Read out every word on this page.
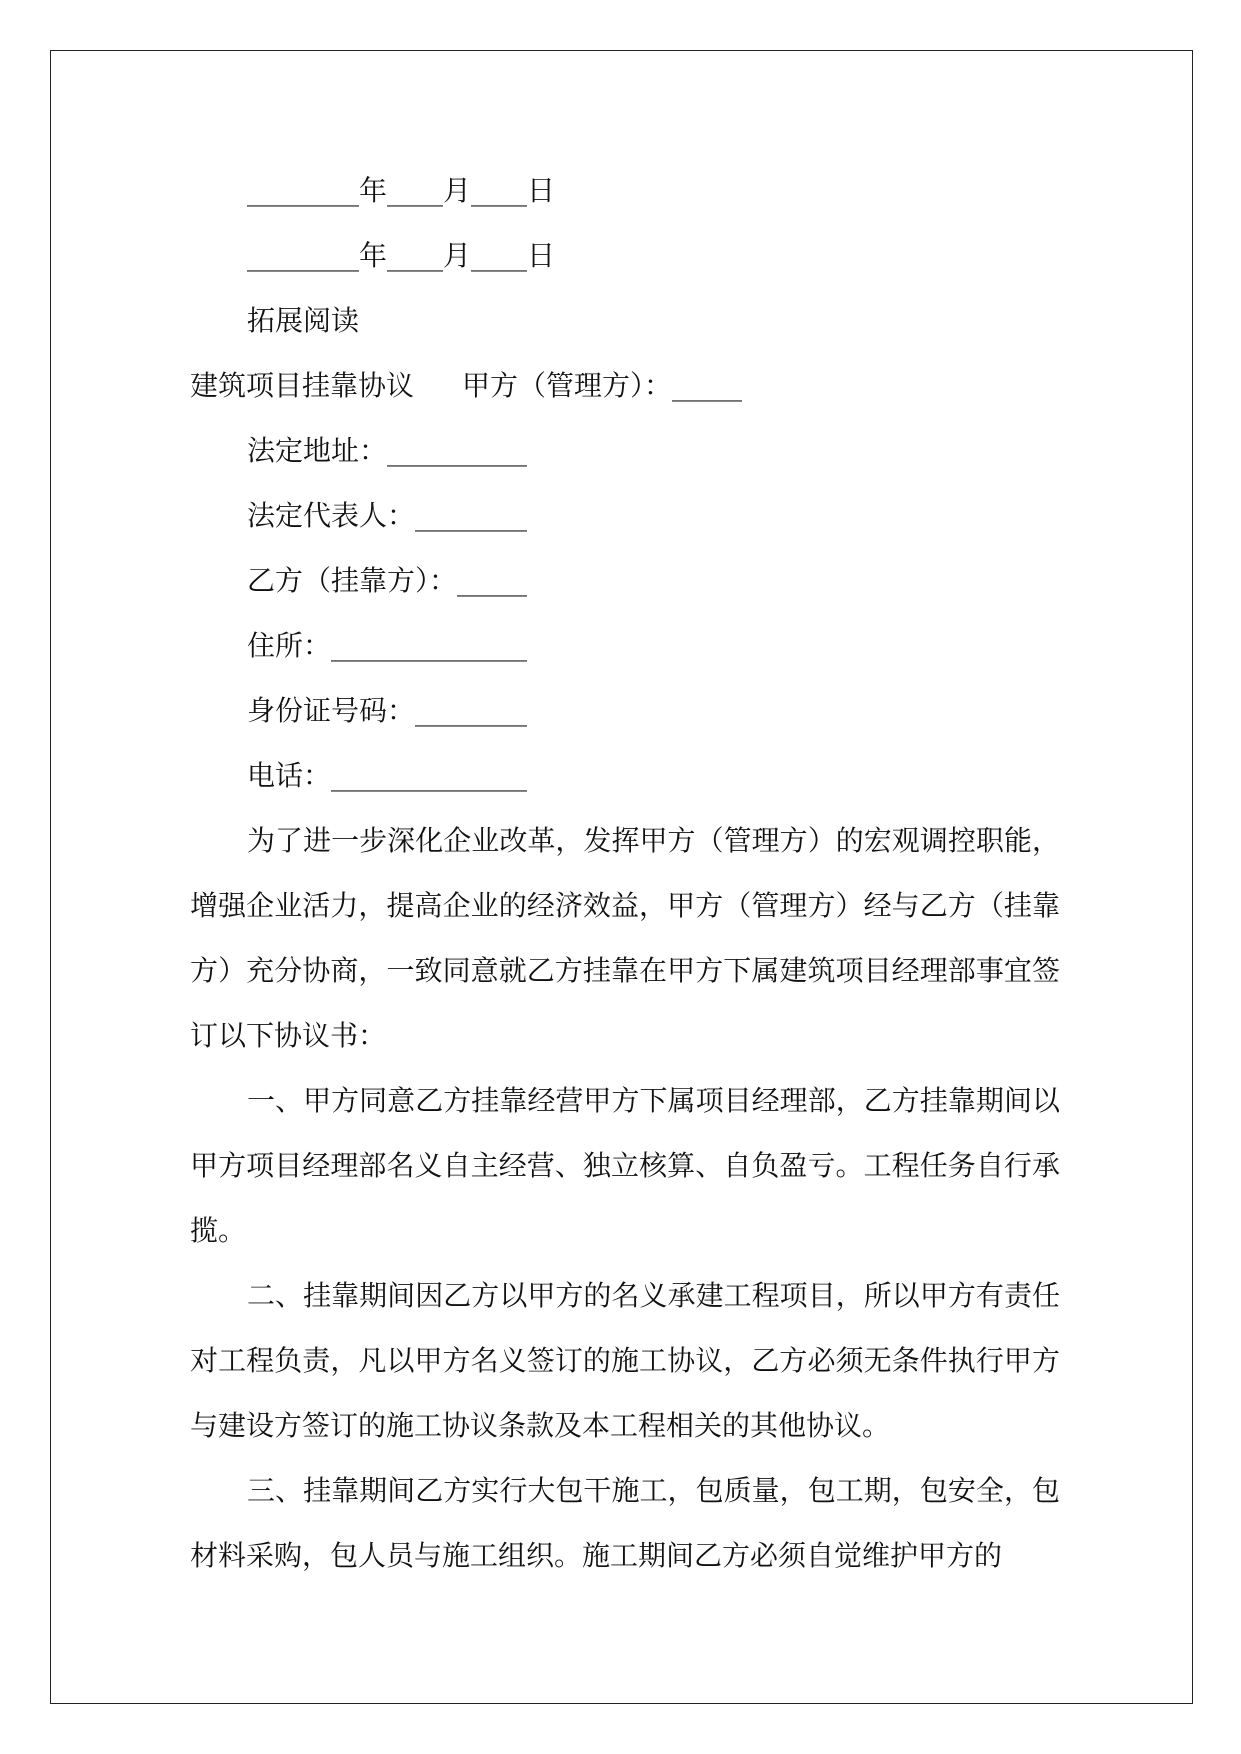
________年____月____日
________年____月____日
拓展阅读
建筑项目挂靠协议 甲方（管理方）：_____
法定地址：__________
法定代表人：________
乙方（挂靠方）：_____
住所：______________
身份证号码：________
电话：______________

为了进一步深化企业改革，发挥甲方（管理方）的宏观调控职能，增强企业活力，提高企业的经济效益，甲方（管理方）经与乙方（挂靠方）充分协商，一致同意就乙方挂靠在甲方下属建筑项目经理部事宜签订以下协议书：

一、甲方同意乙方挂靠经营甲方下属项目经理部，乙方挂靠期间以甲方项目经理部名义自主经营、独立核算、自负盈亏。工程任务自行承揽。

二、挂靠期间因乙方以甲方的名义承建工程项目，所以甲方有责任对工程负责，凡以甲方名义签订的施工协议，乙方必须无条件执行甲方与建设方签订的施工协议条款及本工程相关的其他协议。

三、挂靠期间乙方实行大包干施工，包质量，包工期，包安全，包材料采购，包人员与施工组织。施工期间乙方必须自觉维护甲方的
